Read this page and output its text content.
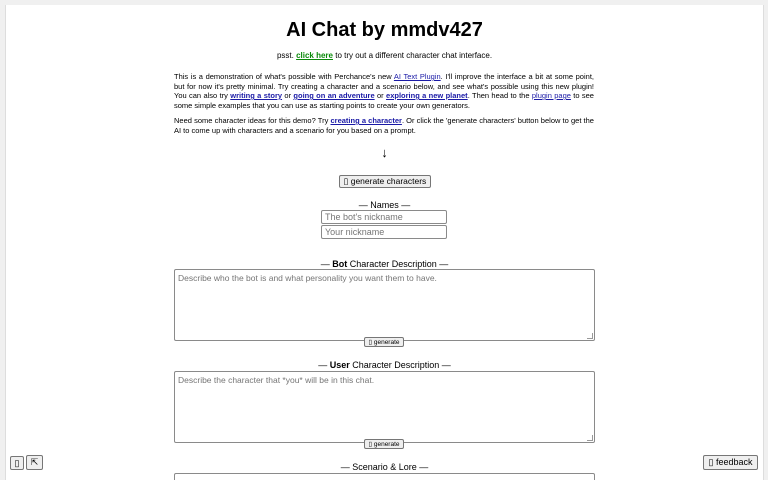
AI Chat by mmdv427
psst. click here to try out a different character chat interface.
This is a demonstration of what's possible with Perchance's new AI Text Plugin. I'll improve the interface a bit at some point, but for now it's pretty minimal. Try creating a character and a scenario below, and see what's possible using this new plugin! You can also try writing a story or going on an adventure or exploring a new planet. Then head to the plugin page to see some simple examples that you can use as starting points to create your own generators.
Need some character ideas for this demo? Try creating a character. Or click the 'generate characters' button below to get the AI to come up with characters and a scenario for you based on a prompt.
↓
▯ generate characters
— Names —
The bot's nickname
Your nickname
— Bot Character Description —
Describe who the bot is and what personality you want them to have.
▯ generate
— User Character Description —
Describe the character that *you* will be in this chat.
▯ generate
— Scenario & Lore —
▯	⇱	▯ feedback
